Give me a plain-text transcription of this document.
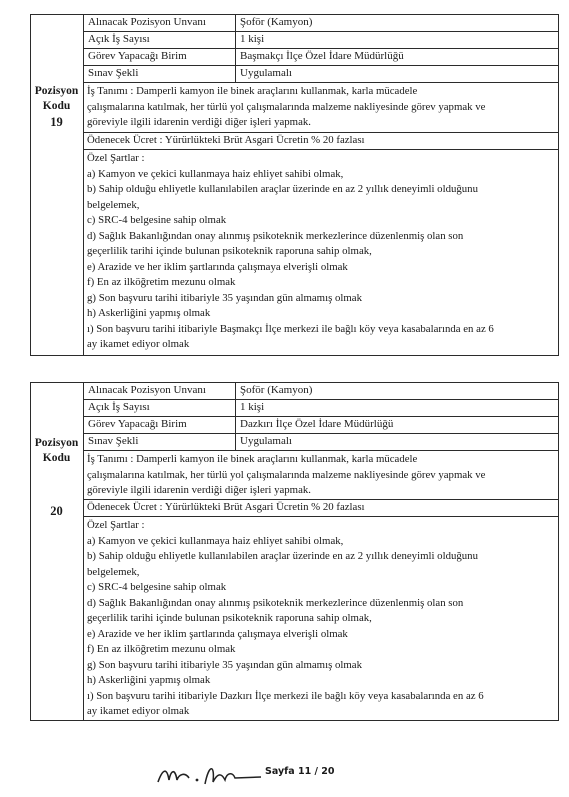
Pozisyon
Kodu
19
Alınacak Pozisyon Unvanı	Şoför (Kamyon)
Açık İş Sayısı	1 kişi
Görev Yapacağı Birim	Başmakçı İlçe Özel İdare Müdürlüğü
Sınav Şekli	Uygulamalı
İş Tanımı : Damperli kamyon ile binek araçlarını kullanmak, karla mücadele
çalışmalarına katılmak, her türlü yol çalışmalarında malzeme nakliyesinde görev yapmak ve
göreviyle ilgili idarenin verdiği diğer işleri yapmak.
Ödenecek Ücret : Yürürlükteki Brüt Asgari Ücretin % 20 fazlası
Özel Şartlar :
a) Kamyon ve çekici kullanmaya haiz ehliyet sahibi olmak,
b) Sahip olduğu ehliyetle kullanılabilen araçlar üzerinde en az 2 yıllık deneyimli olduğunu
belgelemek,
c) SRC-4 belgesine sahip olmak
d) Sağlık Bakanlığından onay alınmış psikoteknik merkezlerince düzenlenmiş olan son
geçerlilik tarihi içinde bulunan psikoteknik raporuna sahip olmak,
e) Arazide ve her iklim şartlarında çalışmaya elverişli olmak
f) En az ilköğretim mezunu olmak
g) Son başvuru tarihi itibariyle 35 yaşından gün almamış olmak
h) Askerliğini yapmış olmak
ı) Son başvuru tarihi itibariyle Başmakçı İlçe merkezi ile bağlı köy veya kasabalarında en az 6
ay ikamet ediyor olmak
Pozisyon
Kodu
20
Alınacak Pozisyon Unvanı	Şoför (Kamyon)
Açık İş Sayısı	1 kişi
Görev Yapacağı Birim	Dazkırı İlçe Özel İdare Müdürlüğü
Sınav Şekli	Uygulamalı
İş Tanımı : Damperli kamyon ile binek araçlarını kullanmak, karla mücadele
çalışmalarına katılmak, her türlü yol çalışmalarında malzeme nakliyesinde görev yapmak ve
göreviyle ilgili idarenin verdiği diğer işleri yapmak.
Ödenecek Ücret : Yürürlükteki Brüt Asgari Ücretin % 20 fazlası
Özel Şartlar :
a) Kamyon ve çekici kullanmaya haiz ehliyet sahibi olmak,
b) Sahip olduğu ehliyetle kullanılabilen araçlar üzerinde en az 2 yıllık deneyimli olduğunu
belgelemek,
c) SRC-4 belgesine sahip olmak
d) Sağlık Bakanlığından onay alınmış psikoteknik merkezlerince düzenlenmiş olan son
geçerlilik tarihi içinde bulunan psikoteknik raporuna sahip olmak,
e) Arazide ve her iklim şartlarında çalışmaya elverişli olmak
f) En az ilköğretim mezunu olmak
g) Son başvuru tarihi itibariyle 35 yaşından gün almamış olmak
h) Askerliğini yapmış olmak
ı) Son başvuru tarihi itibariyle Dazkırı İlçe merkezi ile bağlı köy veya kasabalarında en az 6
ay ikamet ediyor olmak
Sayfa 11 / 20
